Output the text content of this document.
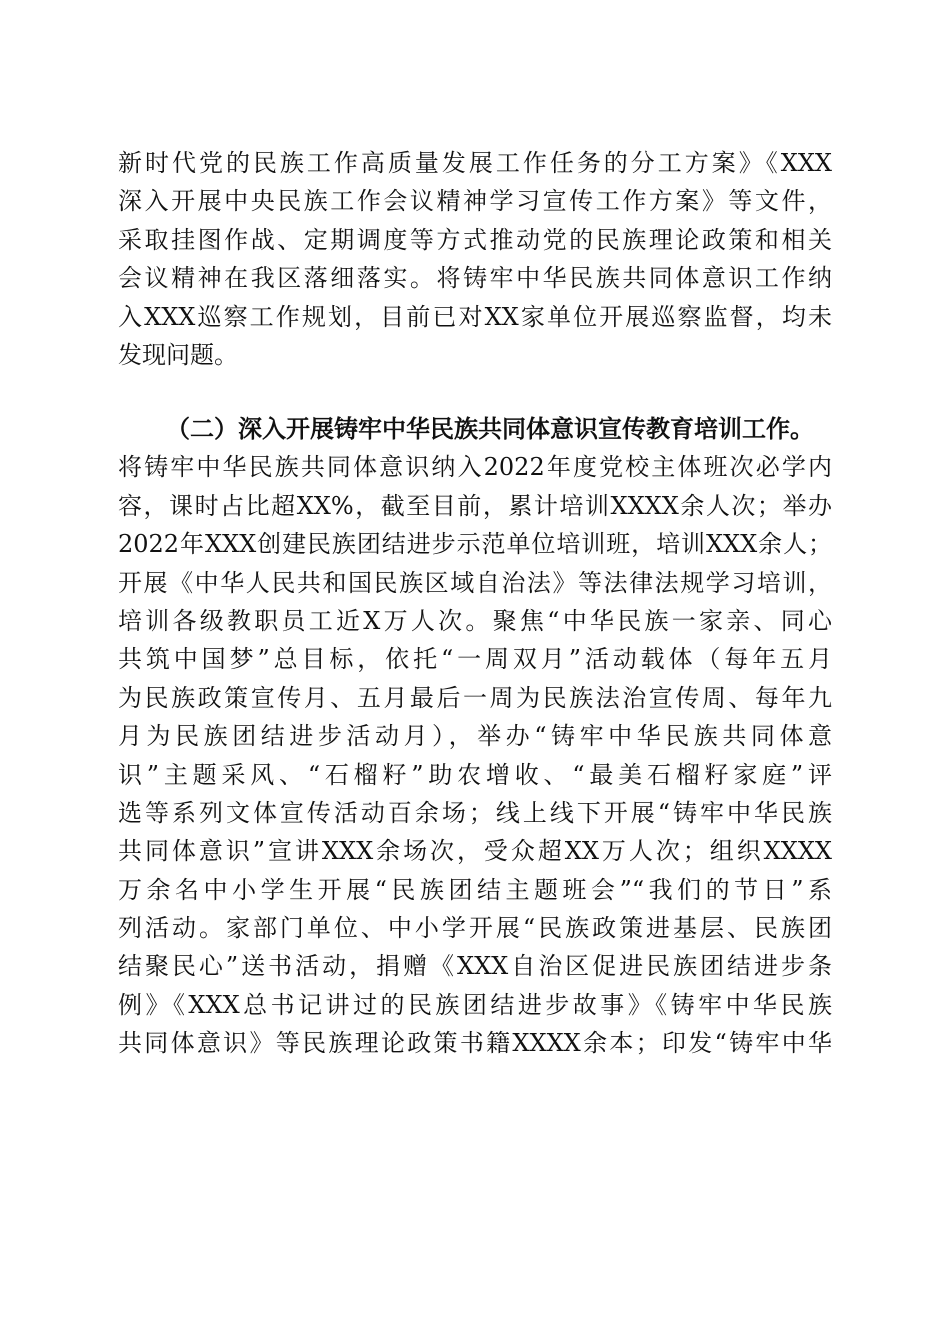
新时代党的民族工作高质量发展工作任务的分工方案》《XXX
深入开展中央民族工作会议精神学习宣传工作方案》等文件，
采取挂图作战、定期调度等方式推动党的民族理论政策和相关
会议精神在我区落细落实。将铸牢中华民族共同体意识工作纳
入XXX巡察工作规划，目前已对XX家单位开展巡察监督，均未
发现问题。
（二）深入开展铸牢中华民族共同体意识宣传教育培训工作。
将铸牢中华民族共同体意识纳入2022年度党校主体班次必学内
容，课时占比超XX%，截至目前，累计培训XXXX余人次；举办
2022年XXX创建民族团结进步示范单位培训班，培训XXX余人；
开展《中华人民共和国民族区域自治法》等法律法规学习培训，
培训各级教职员工近X万人次。聚焦“中华民族一家亲、同心
共筑中国梦”总目标，依托“一周双月”活动载体（每年五月
为民族政策宣传月、五月最后一周为民族法治宣传周、每年九
月为民族团结进步活动月），举办“铸牢中华民族共同体意
识”主题采风、“石榴籽”助农增收、“最美石榴籽家庭”评
选等系列文体宣传活动百余场；线上线下开展“铸牢中华民族
共同体意识”宣讲XXX余场次，受众超XX万人次；组织XXXX
万余名中小学生开展“民族团结主题班会”“我们的节日”系
列活动。家部门单位、中小学开展“民族政策进基层、民族团
结聚民心”送书活动，捐赠《XXX自治区促进民族团结进步条
例》《XXX总书记讲过的民族团结进步故事》《铸牢中华民族
共同体意识》等民族理论政策书籍XXXX余本；印发“铸牢中华
